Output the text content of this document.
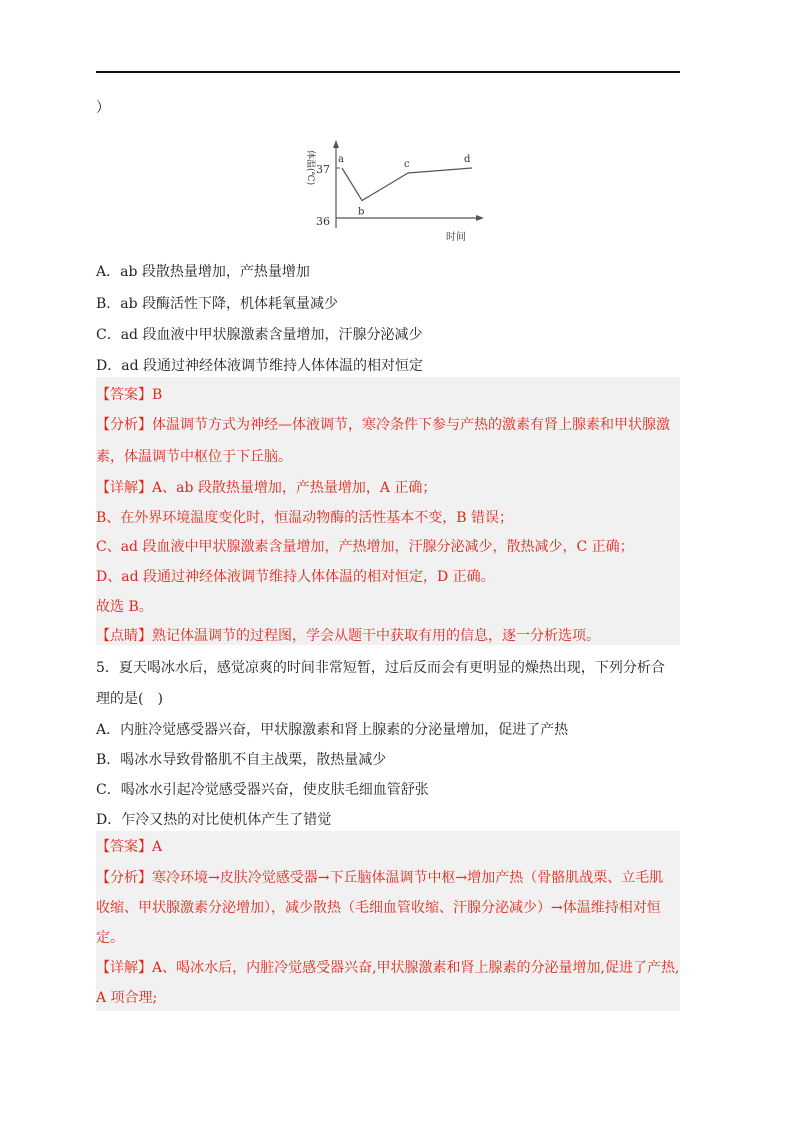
）
37
36
体温(℃)
时间
a
b
c	d
A．ab 段散热量增加，产热量增加
B．ab 段酶活性下降，机体耗氧量减少
C．ad 段血液中甲状腺激素含量增加，汗腺分泌减少
D．ad 段通过神经体液调节维持人体体温的相对恒定
【答案】B
【分析】体温调节方式为神经—体液调节，寒冷条件下参与产热的激素有肾上腺素和甲状腺激
素，体温调节中枢位于下丘脑。
【详解】A、ab 段散热量增加，产热量增加，A 正确；
B、在外界环境温度变化时，恒温动物酶的活性基本不变，B 错误；
C、ad 段血液中甲状腺激素含量增加，产热增加，汗腺分泌减少，散热减少，C 正确；
D、ad 段通过神经体液调节维持人体体温的相对恒定，D 正确。
故选 B。
【点睛】熟记体温调节的过程图，学会从题干中获取有用的信息，逐一分析选项。
5．夏天喝冰水后，感觉凉爽的时间非常短暂，过后反而会有更明显的燥热出现，下列分析合
理的是(　)
A．内脏冷觉感受器兴奋，甲状腺激素和肾上腺素的分泌量增加，促进了产热
B．喝冰水导致骨骼肌不自主战栗，散热量减少
C．喝冰水引起冷觉感受器兴奋，使皮肤毛细血管舒张
D．乍冷又热的对比使机体产生了错觉
【答案】A
【分析】寒冷环境→皮肤冷觉感受器→下丘脑体温调节中枢→增加产热（骨骼肌战栗、立毛肌
收缩、甲状腺激素分泌增加），减少散热（毛细血管收缩、汗腺分泌减少）→体温维持相对恒
定。
【详解】A、喝冰水后，内脏冷觉感受器兴奋,甲状腺激素和肾上腺素的分泌量增加,促进了产热,
A 项合理;
